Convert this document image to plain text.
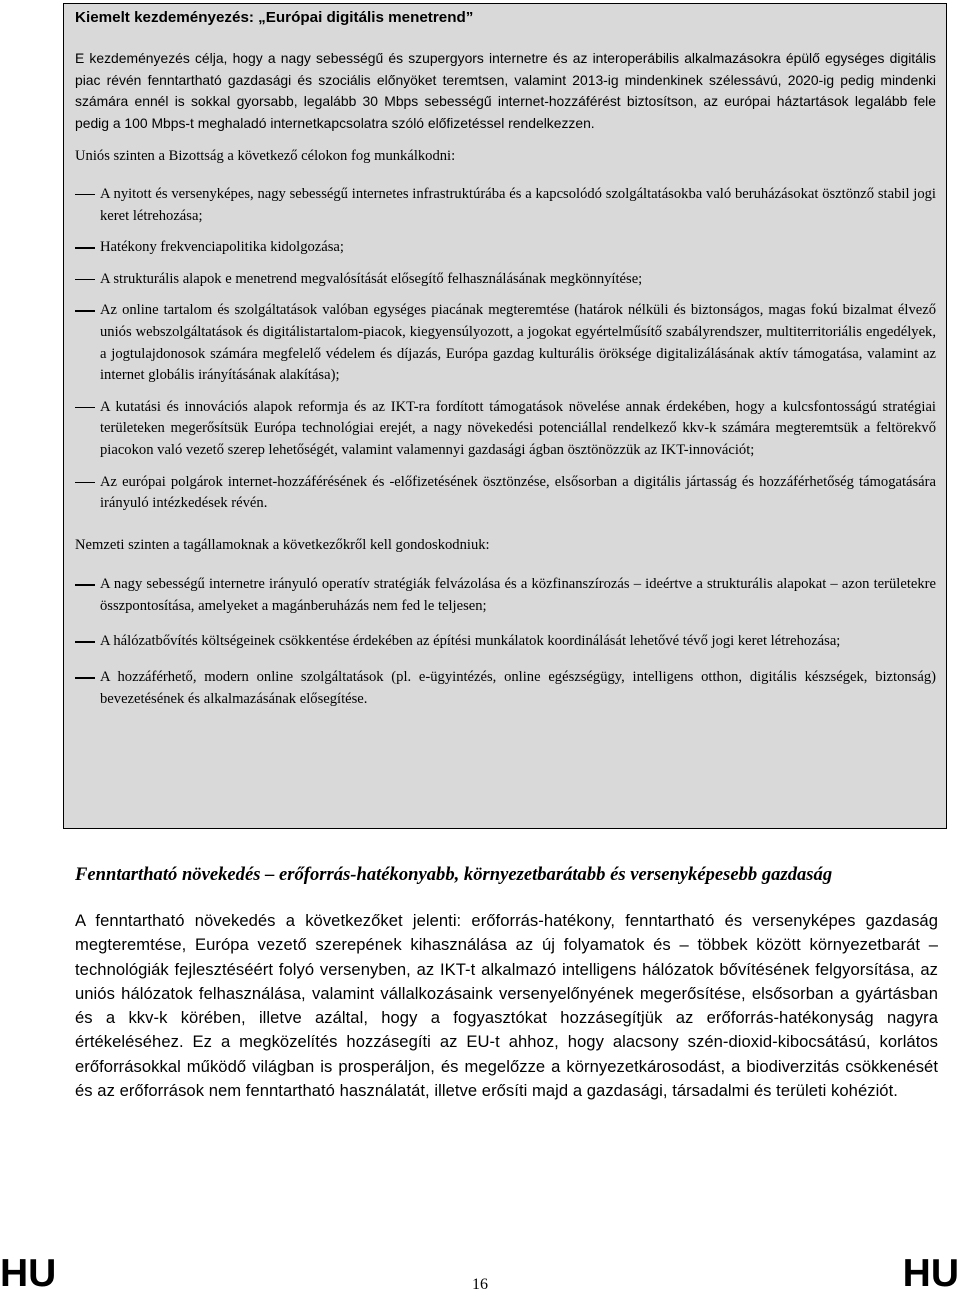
Kiemelt kezdeményezés: „Európai digitális menetrend”

E kezdeményezés célja, hogy a nagy sebességű és szupergyors internetre és az interoperábilis alkalmazásokra épülő egységes digitális piac révén fenntartható gazdasági és szociális előnyöket teremtsen, valamint 2013-ig mindenkinek szélessávú, 2020-ig pedig mindenki számára ennél is sokkal gyorsabb, legalább 30 Mbps sebességű internet-hozzáférést biztosítson, az európai háztartások legalább fele pedig a 100 Mbps-t meghaladó internetkapcsolatra szóló előfizetéssel rendelkezzen.

Uniós szinten a Bizottság a következő célokon fog munkálkodni:

A nyitott és versenyképes, nagy sebességű internetes infrastruktúrába és a kapcsolódó szolgáltatásokba való beruházásokat ösztönző stabil jogi keret létrehozása;
Hatékony frekvenciapolitika kidolgozása;
A strukturális alapok e menetrend megvalósítását elősegítő felhasználásának megkönnyítése;
Az online tartalom és szolgáltatások valóban egységes piacának megteremtése (határok nélküli és biztonságos, magas fokú bizalmat élvező uniós webszolgáltatások és digitálistartalom-piacok, kiegyensúlyozott, a jogokat egyértelműsítő szabályrendszer, multiterritoriális engedélyek, a jogtulajdonosok számára megfelelő védelem és díjazás, Európa gazdag kulturális öröksége digitalizálásának aktív támogatása, valamint az internet globális irányításának alakítása);
A kutatási és innovációs alapok reformja és az IKT-ra fordított támogatások növelése annak érdekében, hogy a kulcsfontosságú stratégiai területeken megerősítsük Európa technológiai erejét, a nagy növekedési potenciállal rendelkező kkv-k számára megteremtsük a feltörekvő piacokon való vezető szerep lehetőségét, valamint valamennyi gazdasági ágban ösztönözzük az IKT-innovációt;
Az európai polgárok internet-hozzáférésének és -előfizetésének ösztönzése, elsősorban a digitális jártasság és hozzáférhetőség támogatására irányuló intézkedések révén.

Nemzeti szinten a tagállamoknak a következőkről kell gondoskodniuk:

A nagy sebességű internetre irányuló operatív stratégiák felvázolása és a közfinanszírozás – ideértve a strukturális alapokat – azon területekre összpontosítása, amelyeket a magánberuházás nem fed le teljesen;
A hálózatbővítés költségeinek csökkentése érdekében az építési munkálatok koordinálását lehetővé tévő jogi keret létrehozása;
A hozzáférhető, modern online szolgáltatások (pl. e-ügyintézés, online egészségügy, intelligens otthon, digitális készségek, biztonság) bevezetésének és alkalmazásának elősegítése.
Fenntartható növekedés – erőforrás-hatékonyabb, környezetbarátabb és versenyképesebb gazdaság

A fenntartható növekedés a következőket jelenti: erőforrás-hatékony, fenntartható és versenyképes gazdaság megteremtése, Európa vezető szerepének kihasználása az új folyamatok és – többek között környezetbarát – technológiák fejlesztéséért folyó versenyben, az IKT-t alkalmazó intelligens hálózatok bővítésének felgyorsítása, az uniós hálózatok felhasználása, valamint vállalkozásaink versenyelőnyének megerősítése, elsősorban a gyártásban és a kkv-k körében, illetve azáltal, hogy a fogyasztókat hozzásegítjük az erőforrás-hatékonyság nagyra értékeléséhez. Ez a megközelítés hozzásegíti az EU-t ahhoz, hogy alacsony szén-dioxid-kibocsátású, korlátos erőforrásokkal működő világban is prosperáljon, és megelőzze a környezetkárosodást, a biodiverzitás csökkenését és az erőforrások nem fenntartható használatát, illetve erősíti majd a gazdasági, társadalmi és területi kohéziót.

HU	16	HU
